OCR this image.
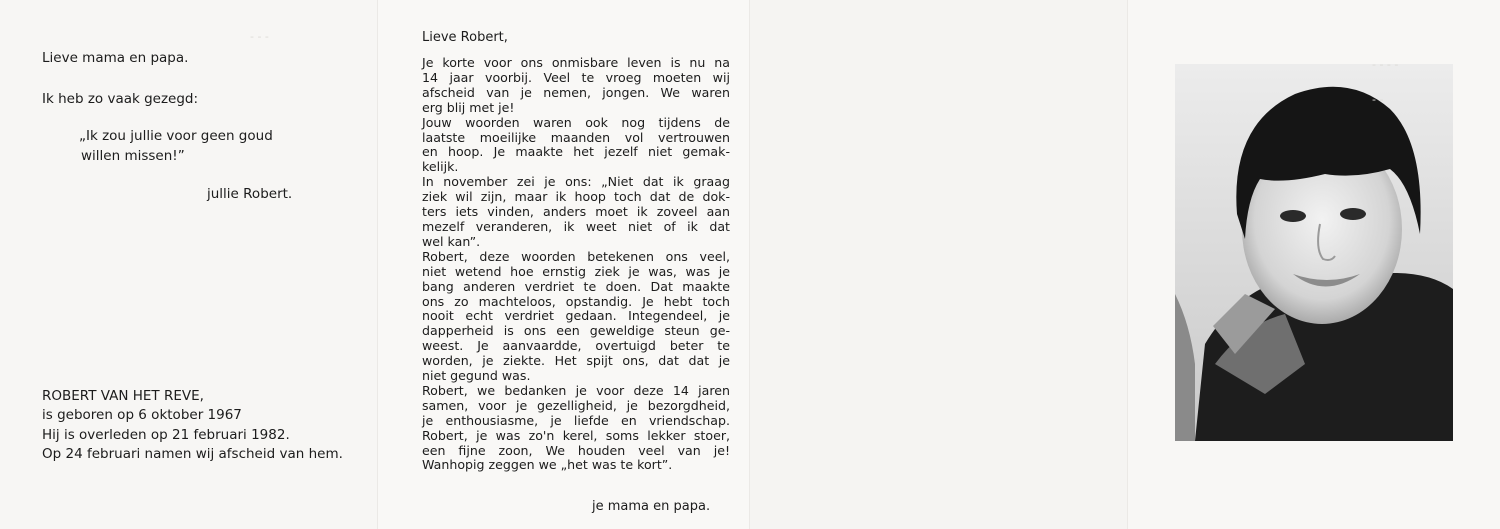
- - -
Lieve mama en papa.
Ik heb zo vaak gezegd:
„Ik zou jullie voor geen goud
willen missen!”
jullie Robert.
ROBERT VAN HET REVE,
is geboren op 6 oktober 1967
Hij is overleden op 21 februari 1982.
Op 24 februari namen wij afscheid van hem.
Lieve Robert,
Je korte voor ons onmisbare leven is nu na
14 jaar voorbij. Veel te vroeg moeten wij
afscheid van je nemen, jongen. We waren
erg blij met je!
Jouw woorden waren ook nog tijdens de
laatste moeilijke maanden vol vertrouwen
en hoop. Je maakte het jezelf niet gemak-
kelijk.
In november zei je ons: „Niet dat ik graag
ziek wil zijn, maar ik hoop toch dat de dok-
ters iets vinden, anders moet ik zoveel aan
mezelf veranderen, ik weet niet of ik dat
wel kan”.
Robert, deze woorden betekenen ons veel,
niet wetend hoe ernstig ziek je was, was je
bang anderen verdriet te doen. Dat maakte
ons zo machteloos, opstandig. Je hebt toch
nooit echt verdriet gedaan. Integendeel, je
dapperheid is ons een geweldige steun ge-
weest. Je aanvaardde, overtuigd beter te
worden, je ziekte. Het spijt ons, dat dat je
niet gegund was.
Robert, we bedanken je voor deze 14 jaren
samen, voor je gezelligheid, je bezorgdheid,
je enthousiasme, je liefde en vriendschap.
Robert, je was zo'n kerel, soms lekker stoer,
een fijne zoon, We houden veel van je!
Wanhopig zeggen we „het was te kort”.
je mama en papa.
- - - -
- -
